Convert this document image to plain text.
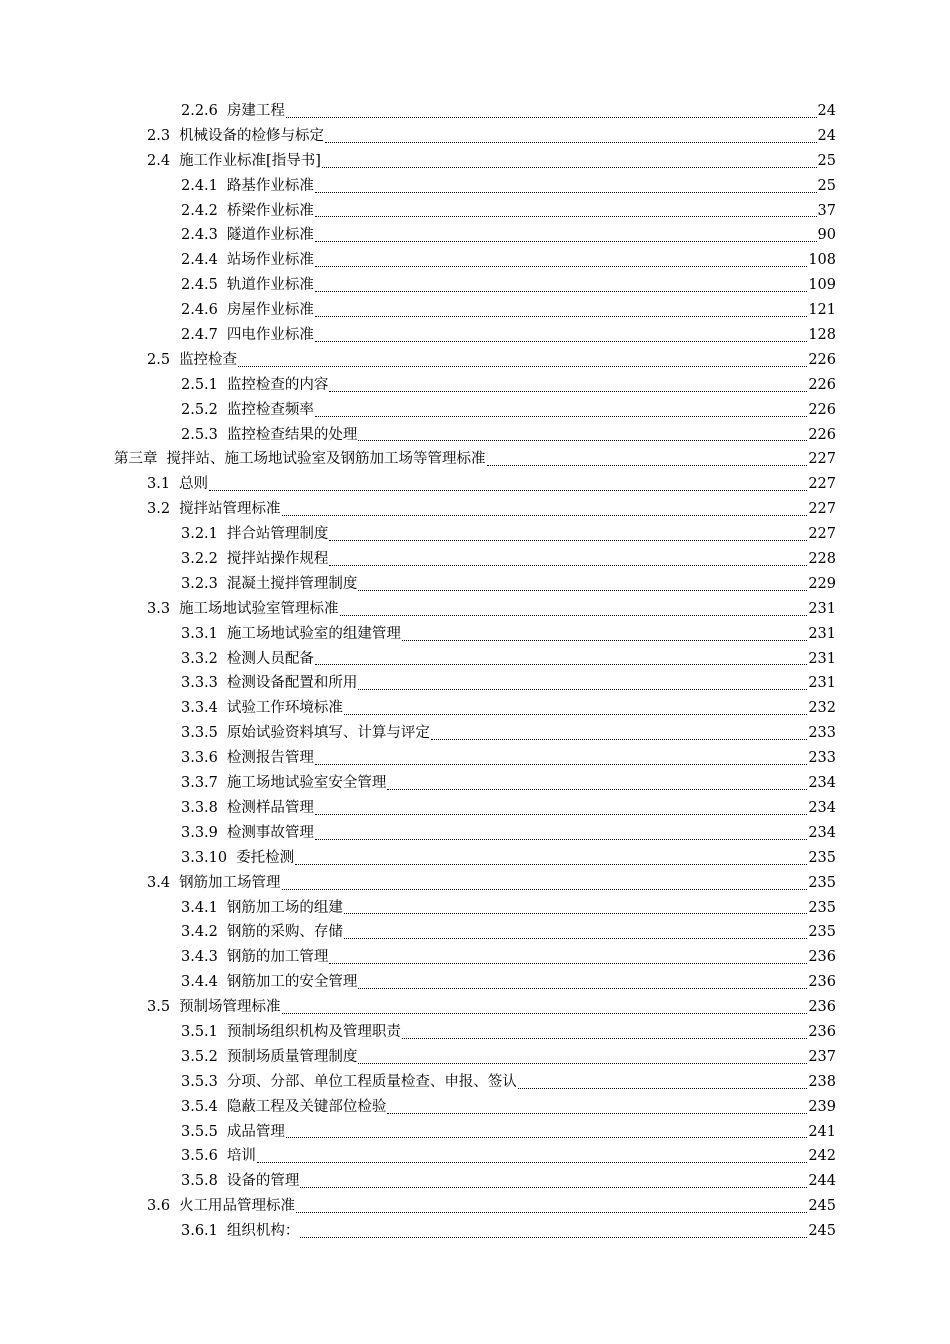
2.2.6 房建工程	24
2.3 机械设备的检修与标定	24
2.4 施工作业标准[指导书]	25
2.4.1 路基作业标准	25
2.4.2 桥梁作业标准	37
2.4.3 隧道作业标准	90
2.4.4 站场作业标准	108
2.4.5 轨道作业标准	109
2.4.6 房屋作业标准	121
2.4.7 四电作业标准	128
2.5 监控检查	226
2.5.1 监控检查的内容	226
2.5.2 监控检查频率	226
2.5.3 监控检查结果的处理	226
第三章 搅拌站、施工场地试验室及钢筋加工场等管理标准	227
3.1 总则	227
3.2 搅拌站管理标准	227
3.2.1 拌合站管理制度	227
3.2.2 搅拌站操作规程	228
3.2.3 混凝土搅拌管理制度	229
3.3 施工场地试验室管理标准	231
3.3.1 施工场地试验室的组建管理	231
3.3.2 检测人员配备	231
3.3.3 检测设备配置和所用	231
3.3.4 试验工作环境标准	232
3.3.5 原始试验资料填写、计算与评定	233
3.3.6 检测报告管理	233
3.3.7 施工场地试验室安全管理	234
3.3.8 检测样品管理	234
3.3.9 检测事故管理	234
3.3.10 委托检测	235
3.4 钢筋加工场管理	235
3.4.1 钢筋加工场的组建	235
3.4.2 钢筋的采购、存储	235
3.4.3 钢筋的加工管理	236
3.4.4 钢筋加工的安全管理	236
3.5 预制场管理标准	236
3.5.1 预制场组织机构及管理职责	236
3.5.2 预制场质量管理制度	237
3.5.3 分项、分部、单位工程质量检查、申报、签认	238
3.5.4 隐蔽工程及关键部位检验	239
3.5.5 成品管理	241
3.5.6 培训	242
3.5.8 设备的管理	244
3.6 火工用品管理标准	245
3.6.1 组织机构：	245
